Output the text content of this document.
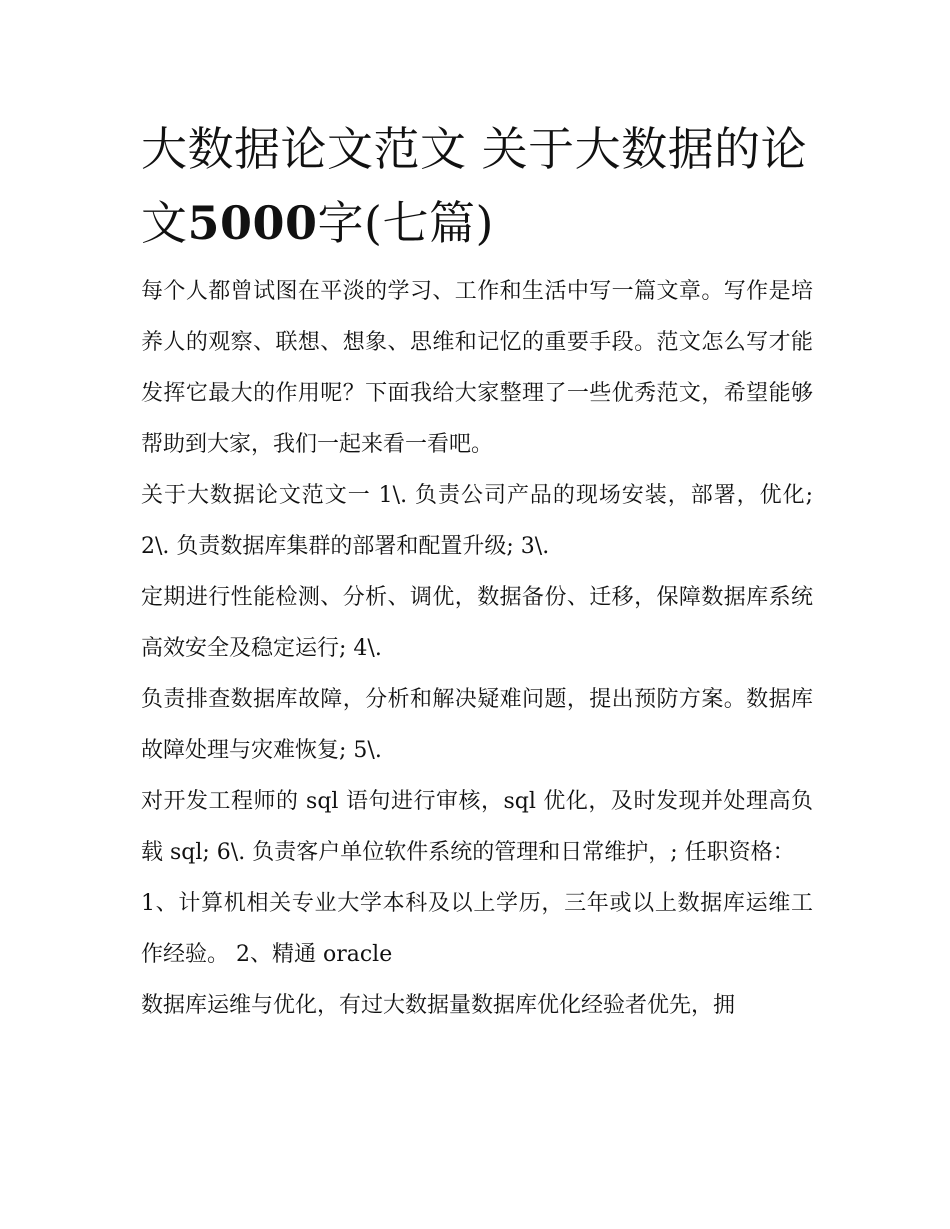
大数据论文范文 关于大数据的论文5000字(七篇)

每个人都曾试图在平淡的学习、工作和生活中写一篇文章。写作是培养人的观察、联想、想象、思维和记忆的重要手段。范文怎么写才能发挥它最大的作用呢？下面我给大家整理了一些优秀范文，希望能够帮助到大家，我们一起来看一看吧。

关于大数据论文范文一 1\. 负责公司产品的现场安装，部署，优化; 2\. 负责数据库集群的部署和配置升级; 3\.

定期进行性能检测、分析、调优，数据备份、迁移，保障数据库系统高效安全及稳定运行; 4\.

负责排查数据库故障，分析和解决疑难问题，提出预防方案。数据库故障处理与灾难恢复; 5\.

对开发工程师的 sql 语句进行审核，sql 优化，及时发现并处理高负载 sql; 6\. 负责客户单位软件系统的管理和日常维护，; 任职资格：

1、计算机相关专业大学本科及以上学历，三年或以上数据库运维工作经验。 2、精通 oracle

数据库运维与优化，有过大数据量数据库优化经验者优先，拥
